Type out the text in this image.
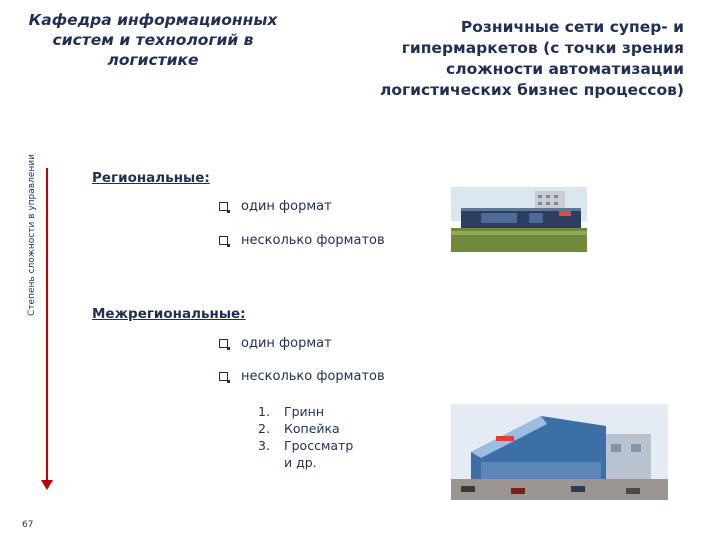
Кафедра информационных систем и технологий в логистике
Розничные сети супер- и гипермаркетов (с точки зрения сложности автоматизации логистических бизнес процессов)
Степень сложности в управлении	Региональные:
один формат
несколько форматов
Межрегиональные:
один формат
несколько форматов
1.	Гринн
2.	Копейка
3.	Гроссматр
и др.
67
